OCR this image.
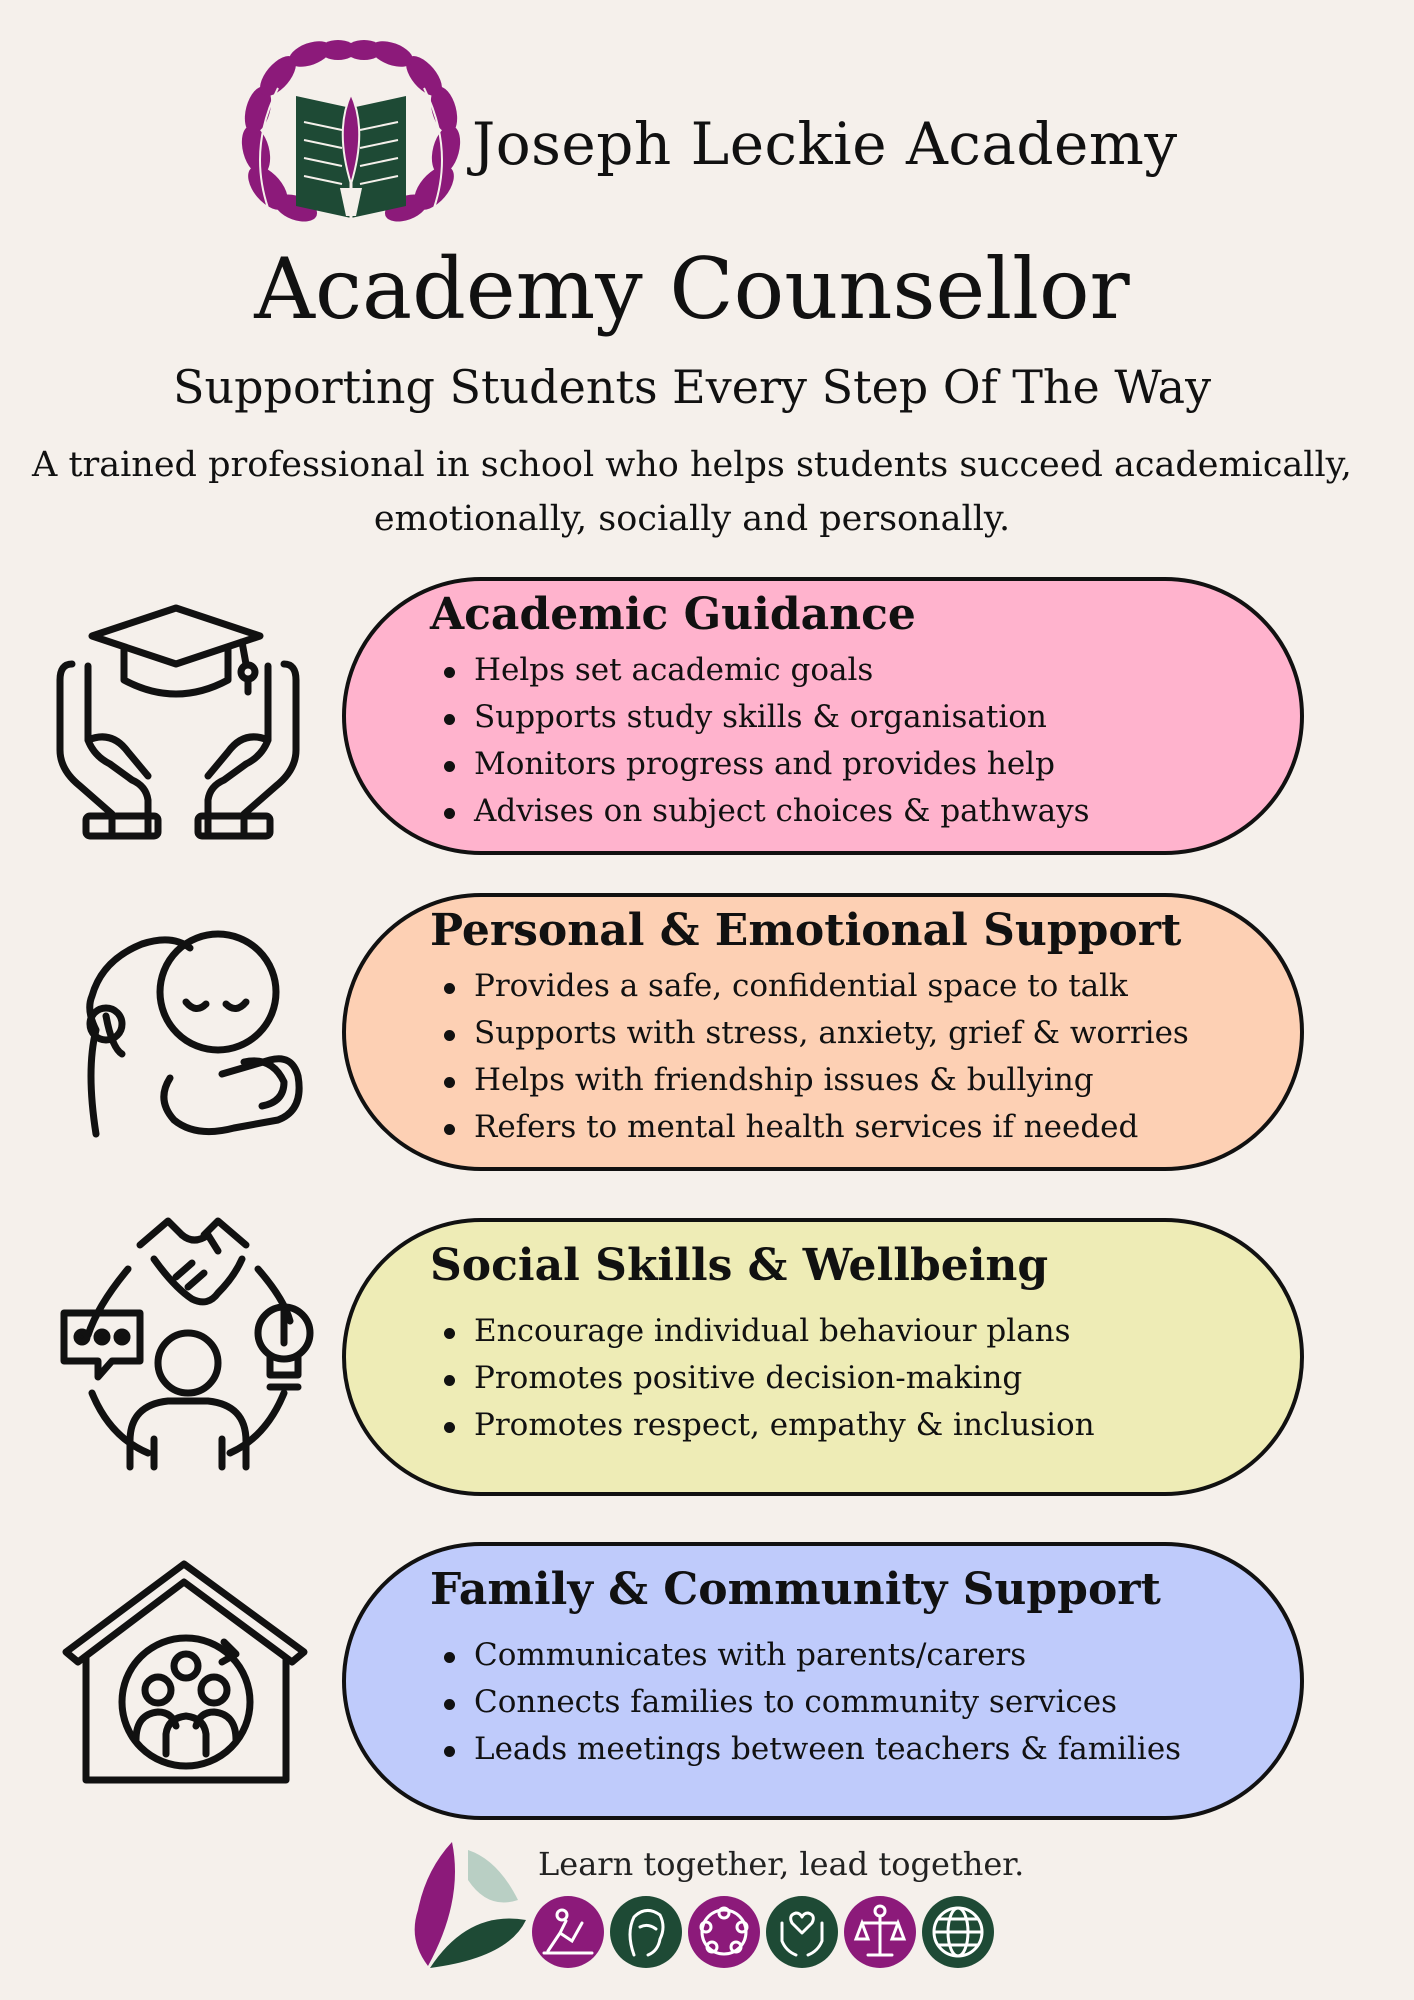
Joseph Leckie Academy
Academy Counsellor
Supporting Students Every Step Of The Way
A trained professional in school who helps students succeed academically, emotionally, socially and personally.
Academic Guidance
Helps set academic goals
Supports study skills & organisation
Monitors progress and provides help
Advises on subject choices & pathways
Personal & Emotional Support
Provides a safe, confidential space to talk
Supports with stress, anxiety, grief & worries
Helps with friendship issues & bullying
Refers to mental health services if needed
Social Skills & Wellbeing
Encourage individual behaviour plans
Promotes positive decision-making
Promotes respect, empathy & inclusion
Family & Community Support
Communicates with parents/carers
Connects families to community services
Leads meetings between teachers & families
Learn together, lead together.
